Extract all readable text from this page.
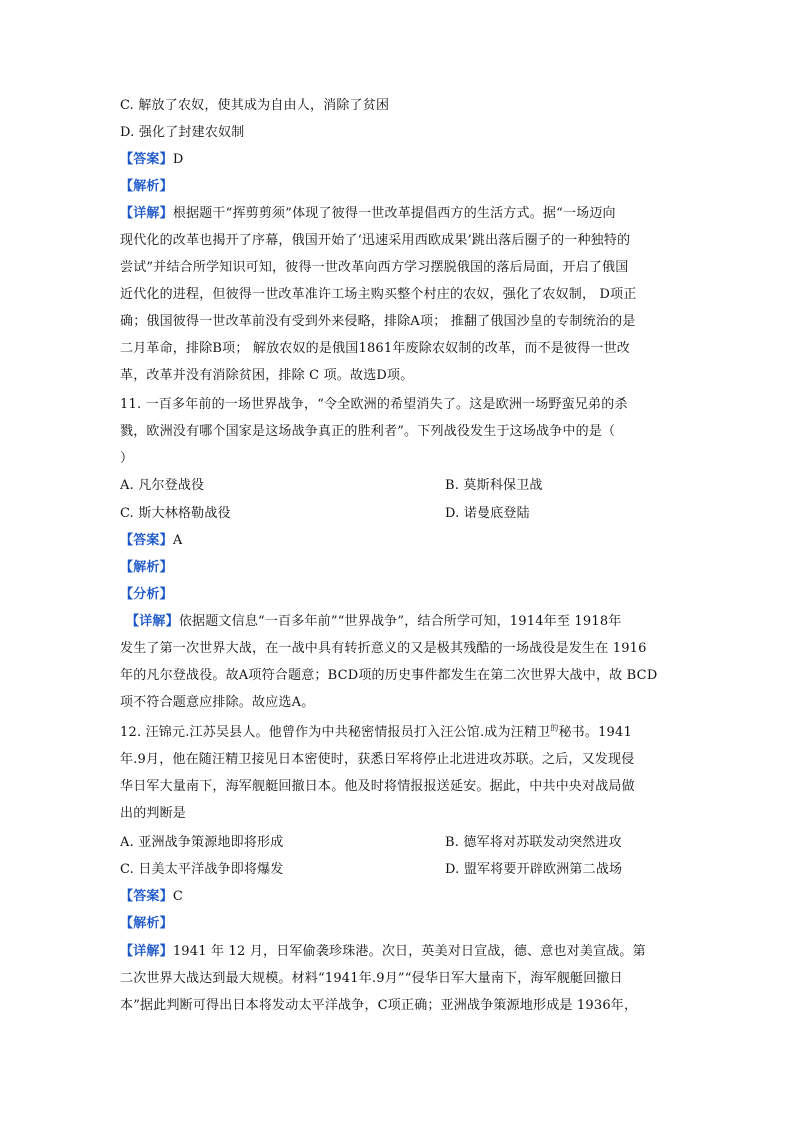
C. 解放了农奴，使其成为自由人，消除了贫困
D. 强化了封建农奴制
【答案】D
【解析】
【详解】根据题干“挥剪剪须”体现了彼得一世改革提倡西方的生活方式。据“一场迈向
现代化的改革也揭开了序幕，俄国开始了‘迅速采用西欧成果’跳出落后圈子的一种独特的
尝试”并结合所学知识可知，彼得一世改革向西方学习摆脱俄国的落后局面，开启了俄国
近代化的进程，但彼得一世改革准许工场主购买整个村庄的农奴，强化了农奴制， D项正
确；俄国彼得一世改革前没有受到外来侵略，排除A项； 推翻了俄国沙皇的专制统治的是
二月革命，排除B项； 解放农奴的是俄国1861年废除农奴制的改革，而不是彼得一世改
革，改革并没有消除贫困，排除 C 项。故选D项。
11. 一百多年前的一场世界战争，“令全欧洲的希望消失了。这是欧洲一场野蛮兄弟的杀
戮，欧洲没有哪个国家是这场战争真正的胜利者”。下列战役发生于这场战争中的是（
）
A. 凡尔登战役	B. 莫斯科保卫战
C. 斯大林格勒战役	D. 诺曼底登陆
【答案】A
【解析】
【分析】
【详解】依据题文信息“一百多年前”“世界战争”，结合所学可知，1914年至 1918年
发生了第一次世界大战，在一战中具有转折意义的又是极其残酷的一场战役是发生在 1916
年的凡尔登战役。故A项符合题意；BCD项的历史事件都发生在第二次世界大战中，故 BCD
项不符合题意应排除。故应选A。
12. 汪锦元.江苏吴县人。他曾作为中共秘密情报员打入汪公馆.成为汪精卫$^的$秘书。1941
年.9月，他在随汪精卫接见日本密使时，获悉日军将停止北进进攻苏联。之后，又发现侵
华日军大量南下，海军舰艇回撤日本。他及时将情报报送延安。据此，中共中央对战局做
出的判断是
A. 亚洲战争策源地即将形成	B. 德军将对苏联发动突然进攻
C. 日美太平洋战争即将爆发	D. 盟军将要开辟欧洲第二战场
【答案】C
【解析】
【详解】1941 年 12 月，日军偷袭珍珠港。次日，英美对日宣战，德、意也对美宣战。第
二次世界大战达到最大规模。材料“1941年.9月”“侵华日军大量南下，海军舰艇回撤日
本”据此判断可得出日本将发动太平洋战争，C项正确；亚洲战争策源地形成是 1936年，
